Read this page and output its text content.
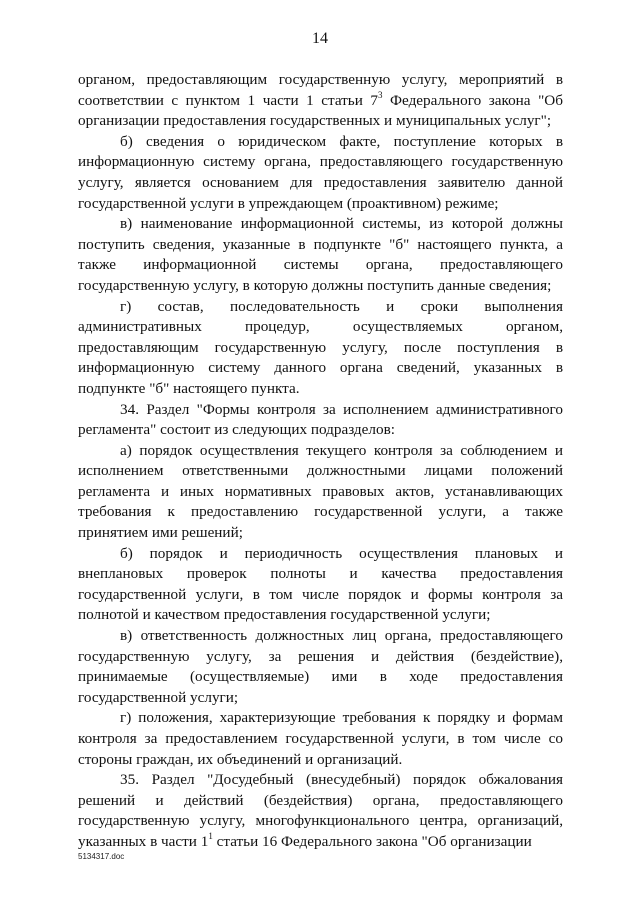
14

органом, предоставляющим государственную услугу, мероприятий в соответствии с пунктом 1 части 1 статьи $7^3$ Федерального закона "Об организации предоставления государственных и муниципальных услуг";

б) сведения о юридическом факте, поступление которых в информационную систему органа, предоставляющего государственную услугу, является основанием для предоставления заявителю данной государственной услуги в упреждающем (проактивном) режиме;

в) наименование информационной системы, из которой должны поступить сведения, указанные в подпункте "б" настоящего пункта, а также информационной системы органа, предоставляющего государственную услугу, в которую должны поступить данные сведения;

г) состав, последовательность и сроки выполнения административных процедур, осуществляемых органом, предоставляющим государственную услугу, после поступления в информационную систему данного органа сведений, указанных в подпункте "б" настоящего пункта.

34. Раздел "Формы контроля за исполнением административного регламента" состоит из следующих подразделов:

а) порядок осуществления текущего контроля за соблюдением и исполнением ответственными должностными лицами положений регламента и иных нормативных правовых актов, устанавливающих требования к предоставлению государственной услуги, а также принятием ими решений;

б) порядок и периодичность осуществления плановых и внеплановых проверок полноты и качества предоставления государственной услуги, в том числе порядок и формы контроля за полнотой и качеством предоставления государственной услуги;

в) ответственность должностных лиц органа, предоставляющего государственную услугу, за решения и действия (бездействие), принимаемые (осуществляемые) ими в ходе предоставления государственной услуги;

г) положения, характеризующие требования к порядку и формам контроля за предоставлением государственной услуги, в том числе со стороны граждан, их объединений и организаций.

35. Раздел "Досудебный (внесудебный) порядок обжалования решений и действий (бездействия) органа, предоставляющего государственную услугу, многофункционального центра, организаций, указанных в части $1^1$ статьи 16 Федерального закона "Об организации

5134317.doc
